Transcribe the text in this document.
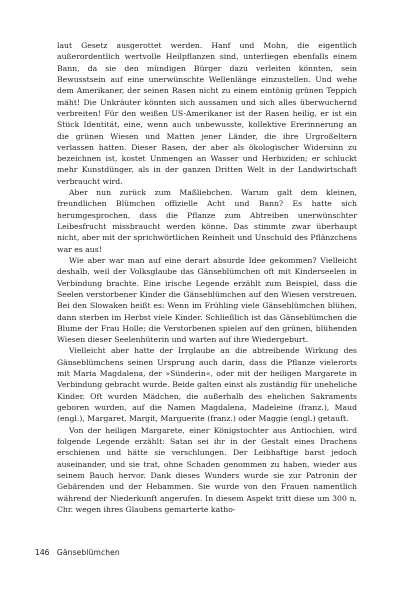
laut Gesetz ausgerottet werden. Hanf und Mohn, die eigentlich außerordentlich wertvolle Heilpflanzen sind, unterliegen ebenfalls einem Bann, da sie den mündigen Bürger dazu verleiten könnten, sein Bewusstsein auf eine unerwünschte Wellenlänge einzustellen. Und wehe dem Amerikaner, der seinen Rasen nicht zu einem eintönig grünen Teppich mäht! Die Unkräuter könnten sich aussamen und sich alles überwuchernd verbreiten! Für den weißen US-Amerikaner ist der Rasen heilig, er ist ein Stück Identität, eine, wenn auch unbewusste, kollektive Ererinnerung an die grünen Wiesen und Matten jener Länder, die ihre Urgroßeltern verlassen hatten. Dieser Rasen, der aber als ökologischer Widersinn zu bezeichnen ist, kostet Unmengen an Wasser und Herbiziden; er schluckt mehr Kunstdünger, als in der ganzen Dritten Welt in der Landwirtschaft verbraucht wird.

Aber nun zurück zum Maßliebchen. Warum galt dem kleinen, freundlichen Blümchen offizielle Acht und Bann? Es hatte sich herumgesprochen, dass die Pflanze zum Abtreiben unerwünschter Leibesfrucht missbraucht werden könne. Das stimmte zwar überhaupt nicht, aber mit der sprichwörtlichen Reinheit und Unschuld des Pflänzchens war es aus!

Wie aber war man auf eine derart absurde Idee gekommen? Vielleicht deshalb, weil der Volksglaube das Gänseblümchen oft mit Kinderseelen in Verbindung brachte. Eine irische Legende erzählt zum Beispiel, dass die Seelen verstorbener Kinder die Gänseblümchen auf den Wiesen verstreuen. Bei den Slowaken heißt es: Wenn im Frühling viele Gänseblümchen blühen, dann sterben im Herbst viele Kinder. Schließlich ist das Gänseblümchen die Blume der Frau Holle; die Verstorbenen spielen auf den grünen, blühenden Wiesen dieser Seelenhüterin und warten auf ihre Wiedergeburt.

Vielleicht aber hatte der Irrglaube an die abtreibende Wirkung des Gänseblümchens seinen Ursprung auch darin, dass die Pflanze vielerorts mit Maria Magdalena, der »Sünderin«, oder mit der heiligen Margarete in Verbindung gebracht wurde. Beide galten einst als zuständig für uneheliche Kinder. Oft wurden Mädchen, die außerhalb des ehelichen Sakraments geboren wurden, auf die Namen Magdalena, Madeleine (franz.), Maud (engl.), Margaret, Margit, Marguerite (franz.) oder Maggie (engl.) getauft.

Von der heiligen Margarete, einer Königstochter aus Antiochien, wird folgende Legende erzählt: Satan sei ihr in der Gestalt eines Drachens erschienen und hätte sie verschlungen. Der Leibhaftige barst jedoch auseinander, und sie trat, ohne Schaden genommen zu haben, wieder aus seinem Bauch hervor. Dank dieses Wunders wurde sie zur Patronin der Gebärenden und der Hebammen. Sie wurde von den Frauen namentlich während der Niederkunft angerufen. In diesem Aspekt tritt diese um 300 n. Chr. wegen ihres Glaubens gemarterte katho-

146 Gänseblümchen
